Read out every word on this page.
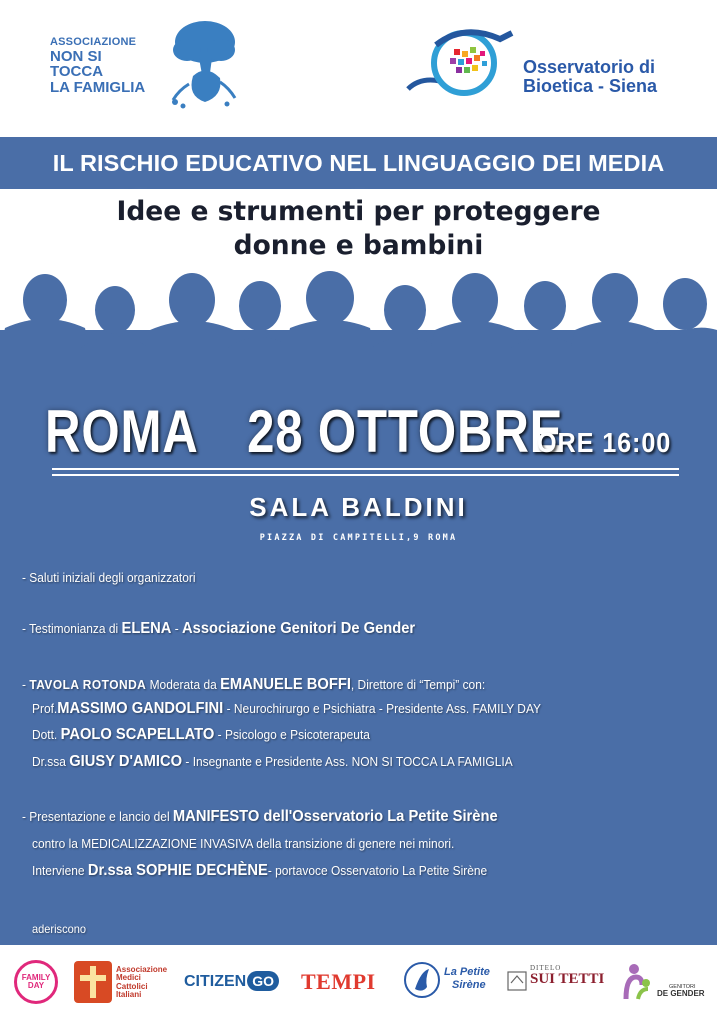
ASSOCIAZIONE
NON SI TOCCA
LA FAMIGLIA
Osservatorio di
Bioetica - Siena
IL RISCHIO EDUCATIVO NEL LINGUAGGIO DEI MEDIA
Idee e strumenti per proteggere
donne e bambini
ROMA 28 OTTOBRE
ORE 16:00
SALA BALDINI
PIAZZA DI CAMPITELLI,9 ROMA
- Saluti iniziali degli organizzatori
- Testimonianza di ELENA - Associazione Genitori De Gender
- TAVOLA ROTONDA Moderata da EMANUELE BOFFI, Direttore di “Tempi” con:
Prof.MASSIMO GANDOLFINI - Neurochirurgo e Psichiatra - Presidente Ass. FAMILY DAY
Dott. PAOLO SCAPELLATO - Psicologo e Psicoterapeuta
Dr.ssa GIUSY D'AMICO - Insegnante e Presidente Ass. NON SI TOCCA LA FAMIGLIA
- Presentazione e lancio del MANIFESTO dell'Osservatorio La Petite Sirène
contro la MEDICALIZZAZIONE INVASIVA della transizione di genere nei minori.
Interviene Dr.ssa SOPHIE DECHÈNE- portavoce Osservatorio La Petite Sirène
aderiscono
FAMILY DAY
Associazione
Medici
Cattolici
Italiani
CITIZEN GO TEMPI	La Petite
Sirène
DITELO
SUI TETTI	GENITORI
DE GENDER
